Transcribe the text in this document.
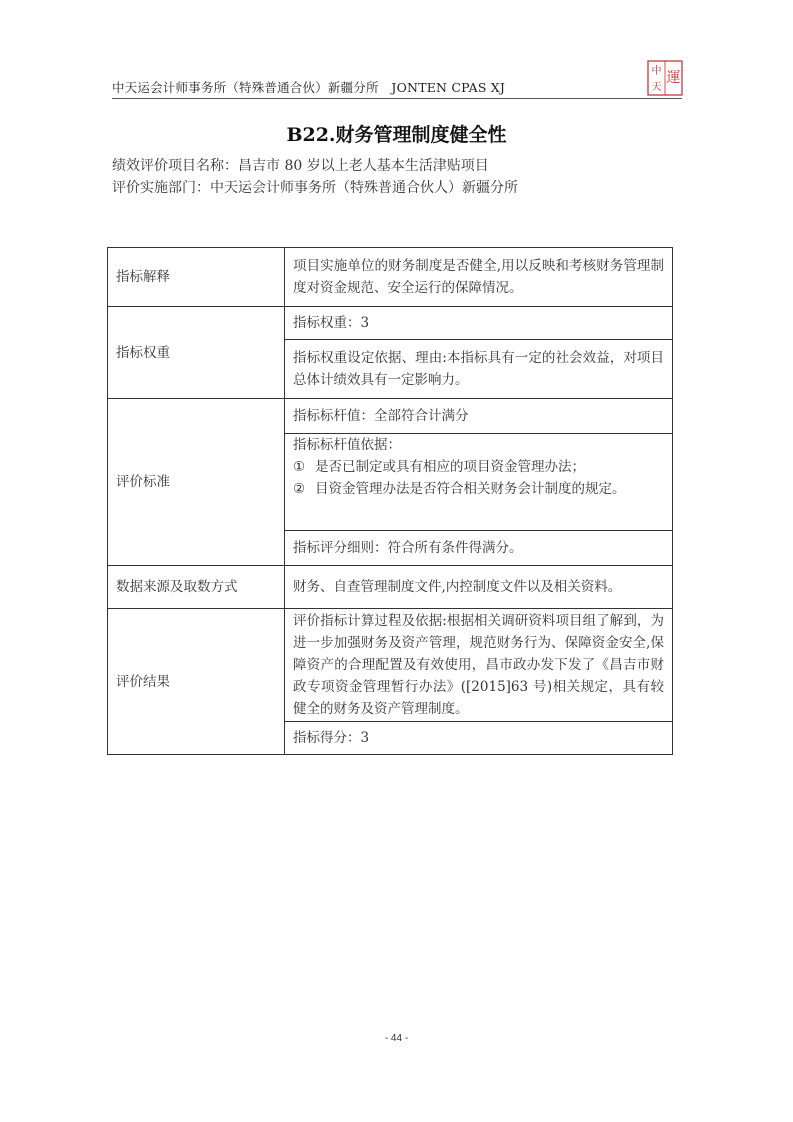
中天运会计师事务所（特殊普通合伙）新疆分所　JONTEN CPAS XJ
中 運
天
B22.财务管理制度健全性
绩效评价项目名称：昌吉市 80 岁以上老人基本生活津贴项目
评价实施部门：中天运会计师事务所（特殊普通合伙人）新疆分所
指标解释	项目实施单位的财务制度是否健全,用以反映和考核财务管理制度对资金规范、安全运行的保障情况。
指标权重	指标权重：3
	指标权重设定依据、理由:本指标具有一定的社会效益，对项目总体计绩效具有一定影响力。
评价标准	指标标杆值：全部符合计满分

	指标标杆值依据：
① 是否已制定或具有相应的项目资金管理办法；
② 目资金管理办法是否符合相关财务会计制度的规定。

	指标评分细则：符合所有条件得满分。
数据来源及取数方式	财务、自查管理制度文件,内控制度文件以及相关资料。
评价结果	评价指标计算过程及依据:根据相关调研资料项目组了解到，为进一步加强财务及资产管理，规范财务行为、保障资金安全,保障资产的合理配置及有效使用，昌市政办发下发了《昌吉市财政专项资金管理暂行办法》([2015]63 号)相关规定，具有较健全的财务及资产管理制度。
	指标得分：3
- 44 -
